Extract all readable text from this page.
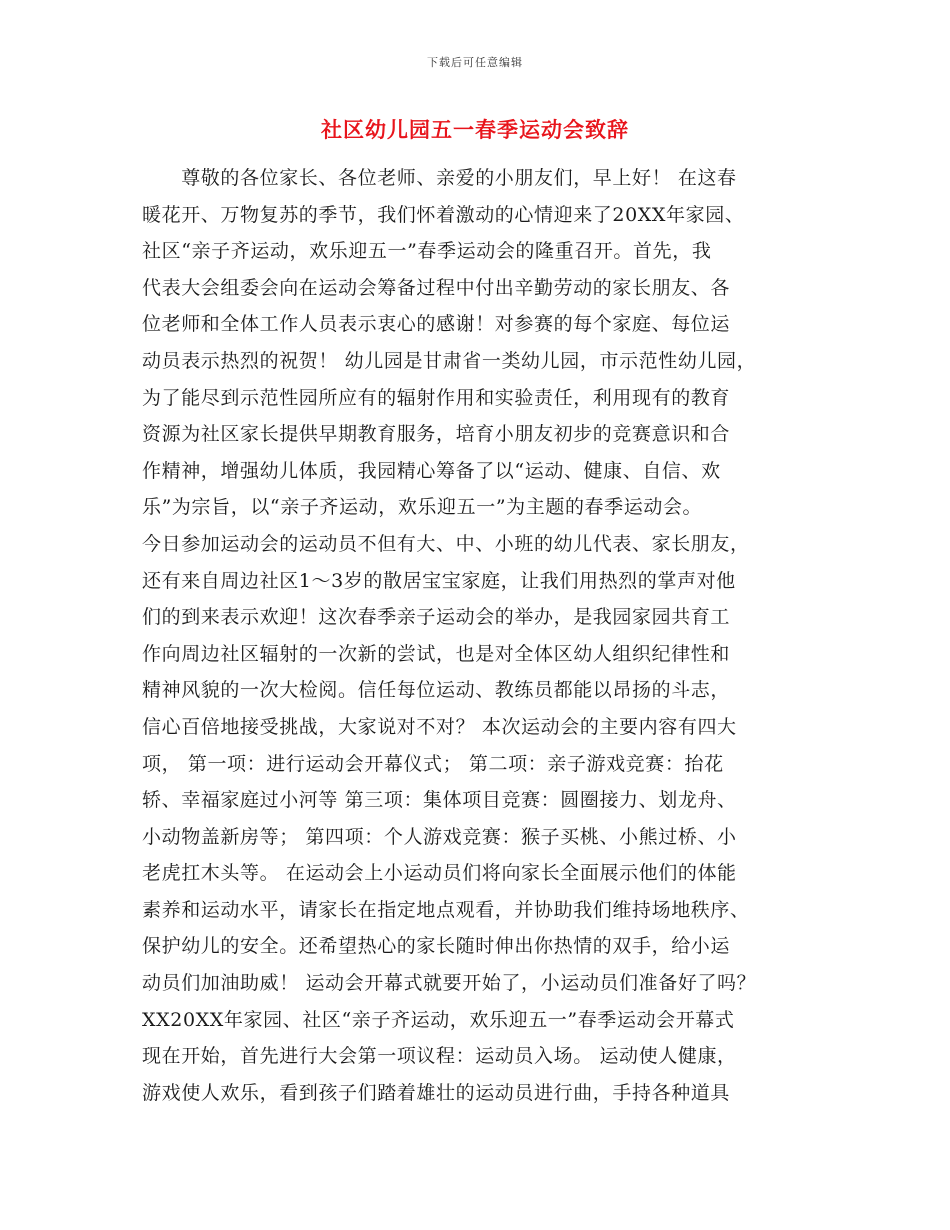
下载后可任意编辑
社区幼儿园五一春季运动会致辞
　　尊敬的各位家长、各位老师、亲爱的小朋友们，早上好！ 在这春
暖花开、万物复苏的季节，我们怀着激动的心情迎来了20XX年家园、
社区“亲子齐运动，欢乐迎五一”春季运动会的隆重召开。首先，我
代表大会组委会向在运动会筹备过程中付出辛勤劳动的家长朋友、各
位老师和全体工作人员表示衷心的感谢！对参赛的每个家庭、每位运
动员表示热烈的祝贺！ 幼儿园是甘肃省一类幼儿园，市示范性幼儿园，
为了能尽到示范性园所应有的辐射作用和实验责任，利用现有的教育
资源为社区家长提供早期教育服务，培育小朋友初步的竞赛意识和合
作精神，增强幼儿体质，我园精心筹备了以“运动、健康、自信、欢
乐”为宗旨，以“亲子齐运动，欢乐迎五一”为主题的春季运动会。
今日参加运动会的运动员不但有大、中、小班的幼儿代表、家长朋友，
还有来自周边社区1～3岁的散居宝宝家庭，让我们用热烈的掌声对他
们的到来表示欢迎！这次春季亲子运动会的举办，是我园家园共育工
作向周边社区辐射的一次新的尝试，也是对全体区幼人组织纪律性和
精神风貌的一次大检阅。信任每位运动、教练员都能以昂扬的斗志，
信心百倍地接受挑战，大家说对不对？ 本次运动会的主要内容有四大
项， 第一项：进行运动会开幕仪式； 第二项：亲子游戏竞赛：抬花
轿、幸福家庭过小河等 第三项：集体项目竞赛：圆圈接力、划龙舟、
小动物盖新房等； 第四项：个人游戏竞赛：猴子买桃、小熊过桥、小
老虎扛木头等。 在运动会上小运动员们将向家长全面展示他们的体能
素养和运动水平，请家长在指定地点观看，并协助我们维持场地秩序、
保护幼儿的安全。还希望热心的家长随时伸出你热情的双手，给小运
动员们加油助威！ 运动会开幕式就要开始了，小运动员们准备好了吗？
XX20XX年家园、社区“亲子齐运动，欢乐迎五一”春季运动会开幕式
现在开始，首先进行大会第一项议程：运动员入场。 运动使人健康，
游戏使人欢乐，看到孩子们踏着雄壮的运动员进行曲，手持各种道具
